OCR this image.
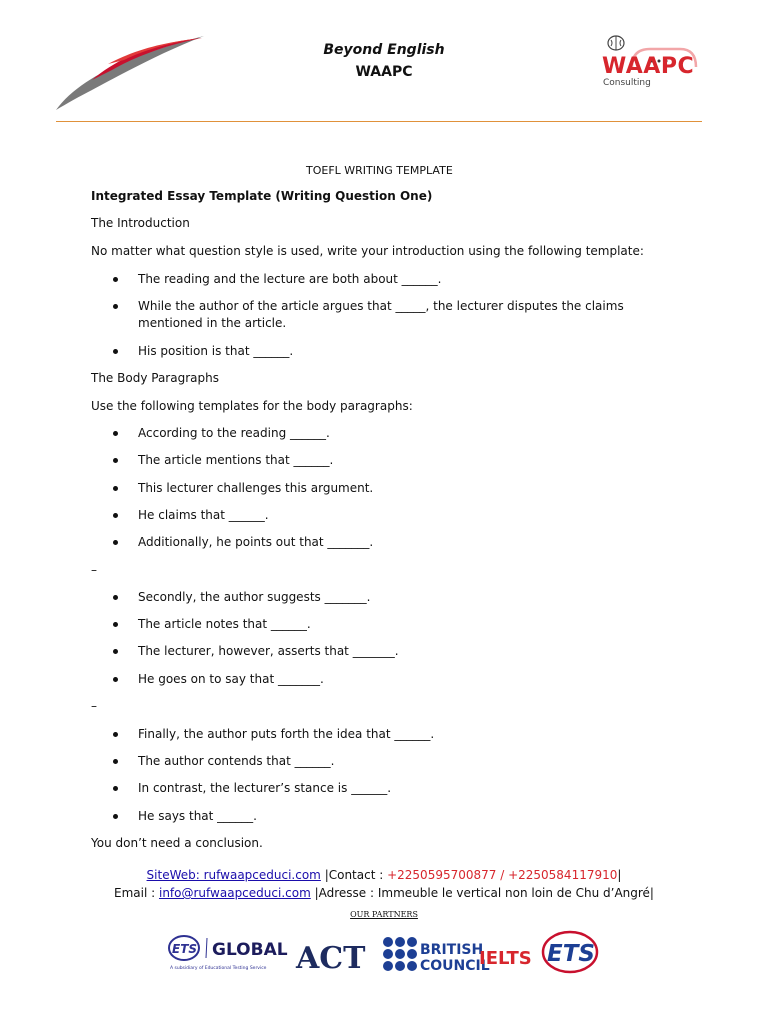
Beyond English
WAAPC	WAAPC
Consulting
TOEFL WRITING TEMPLATE
Integrated Essay Template (Writing Question One)
The Introduction
No matter what question style is used, write your introduction using the following template:
The reading and the lecture are both about ______.
While the author of the article argues that _____, the lecturer disputes the claims mentioned in the article.
His position is that ______.
The Body Paragraphs
Use the following templates for the body paragraphs:
According to the reading ______.
The article mentions that ______.
This lecturer challenges this argument.
He claims that ______.
Additionally, he points out that _______.
–
Secondly, the author suggests _______.
The article notes that ______.
The lecturer, however, asserts that _______.
He goes on to say that _______.
–
Finally, the author puts forth the idea that ______.
The author contends that ______.
In contrast, the lecturer’s stance is ______.
He says that ______.
You don’t need a conclusion.
SiteWeb: rufwaapceduci.com |Contact : +2250595700877 / +2250584117910|
Email : info@rufwaapceduci.com |Adresse : Immeuble le vertical non loin de Chu d’Angré|
OUR PARTNERS
ETS GLOBAL
A subsidiary of Educational Testing Service ACT	BRITISH
COUNCIL
IELTS ETS
